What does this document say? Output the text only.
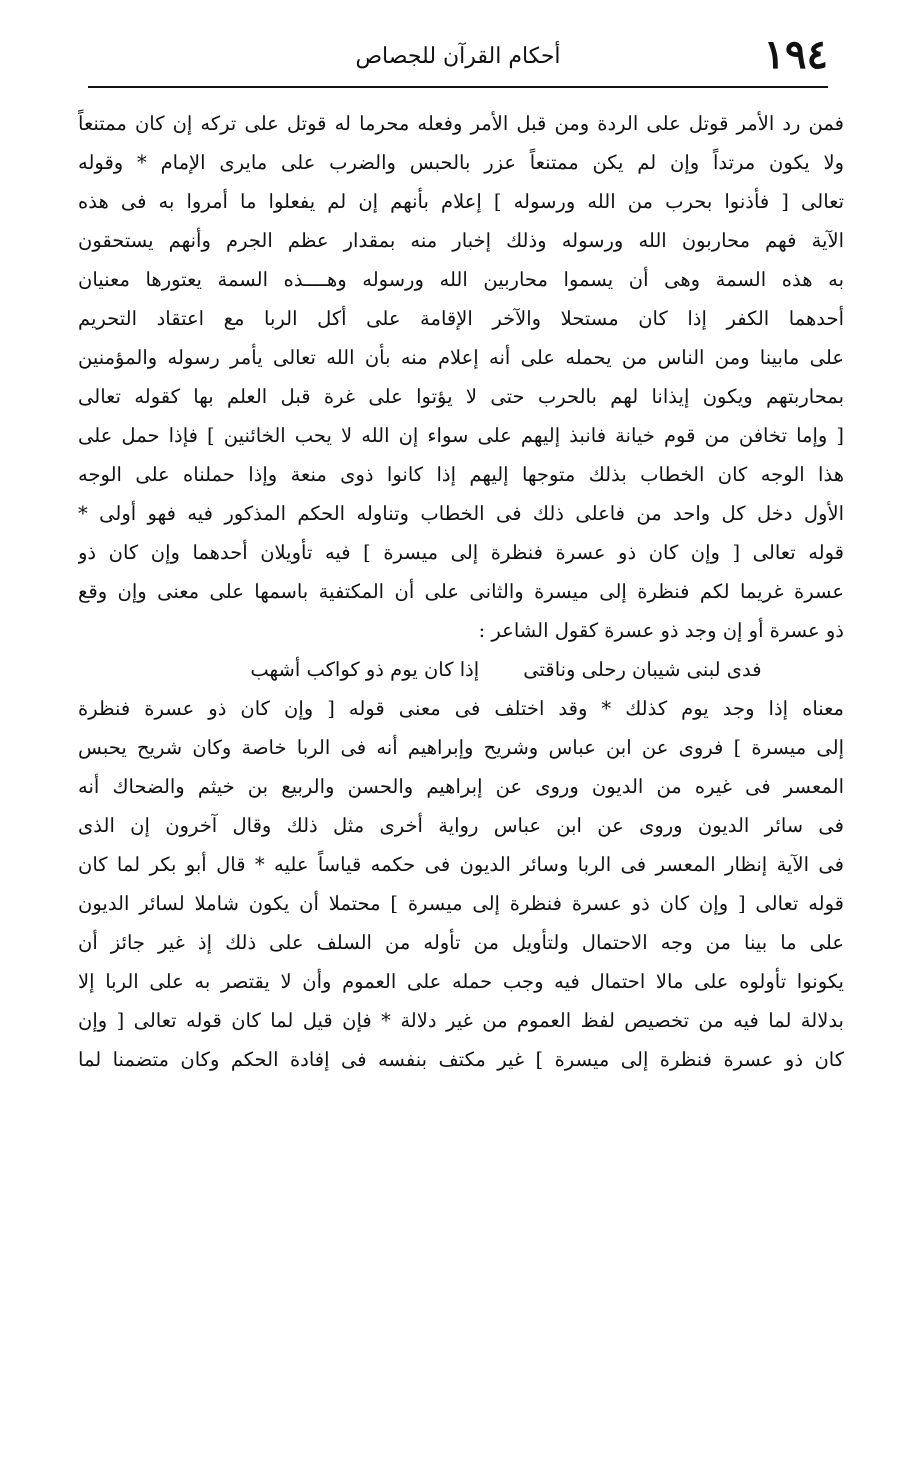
١٩٤
أحكام القرآن للجصاص
فمن رد الأمر قوتل على الردة ومن قبل الأمر وفعله محرما له قوتل على تركه إن كان ممتنعاً
ولا يكون مرتداً وإن لم يكن ممتنعاً عزر بالحبس والضرب على مايرى الإمام * وقوله
تعالى [ فأذنوا بحرب من الله ورسوله ] إعلام بأنهم إن لم يفعلوا ما أمروا به فى هذه
الآية فهم محاربون الله ورسوله وذلك إخبار منه بمقدار عظم الجرم وأنهم يستحقون
به هذه السمة وهى أن يسموا محاربين الله ورسوله وهــــذه السمة يعتورها معنيان
أحدهما الكفر إذا كان مستحلا والآخر الإقامة على أكل الربا مع اعتقاد التحريم
على مابينا ومن الناس من يحمله على أنه إعلام منه بأن الله تعالى يأمر رسوله والمؤمنين
بمحاربتهم ويكون إيذانا لهم بالحرب حتى لا يؤتوا على غرة قبل العلم بها كقوله تعالى
[ وإما تخافن من قوم خيانة فانبذ إليهم على سواء إن الله لا يحب الخائنين ] فإذا حمل على
هذا الوجه كان الخطاب بذلك متوجها إليهم إذا كانوا ذوى منعة وإذا حملناه على الوجه
الأول دخل كل واحد من فاعلى ذلك فى الخطاب وتناوله الحكم المذكور فيه فهو أولى *
قوله تعالى [ وإن كان ذو عسرة فنظرة إلى ميسرة ] فيه تأويلان أحدهما وإن كان ذو
عسرة غريما لكم فنظرة إلى ميسرة والثانى على أن المكتفية باسمها على معنى وإن وقع
ذو عسرة أو إن وجد ذو عسرة كقول الشاعر :
فدى لبنى شيبان رحلى وناقتى
إذا كان يوم ذو كواكب أشهب
معناه إذا وجد يوم كذلك * وقد اختلف فى معنى قوله [ وإن كان ذو عسرة فنظرة
إلى ميسرة ] فروى عن ابن عباس وشريح وإبراهيم أنه فى الربا خاصة وكان شريح يحبس
المعسر فى غيره من الديون وروى عن إبراهيم والحسن والربيع بن خيثم والضحاك أنه
فى سائر الديون وروى عن ابن عباس رواية أخرى مثل ذلك وقال آخرون إن الذى
فى الآية إنظار المعسر فى الربا وسائر الديون فى حكمه قياساً عليه * قال أبو بكر لما كان
قوله تعالى [ وإن كان ذو عسرة فنظرة إلى ميسرة ] محتملا أن يكون شاملا لسائر الديون
على ما بينا من وجه الاحتمال ولتأويل من تأوله من السلف على ذلك إذ غير جائز أن
يكونوا تأولوه على مالا احتمال فيه وجب حمله على العموم وأن لا يقتصر به على الربا إلا
بدلالة لما فيه من تخصيص لفظ العموم من غير دلالة * فإن قيل لما كان قوله تعالى [ وإن
كان ذو عسرة فنظرة إلى ميسرة ] غير مكتف بنفسه فى إفادة الحكم وكان متضمنا لما
